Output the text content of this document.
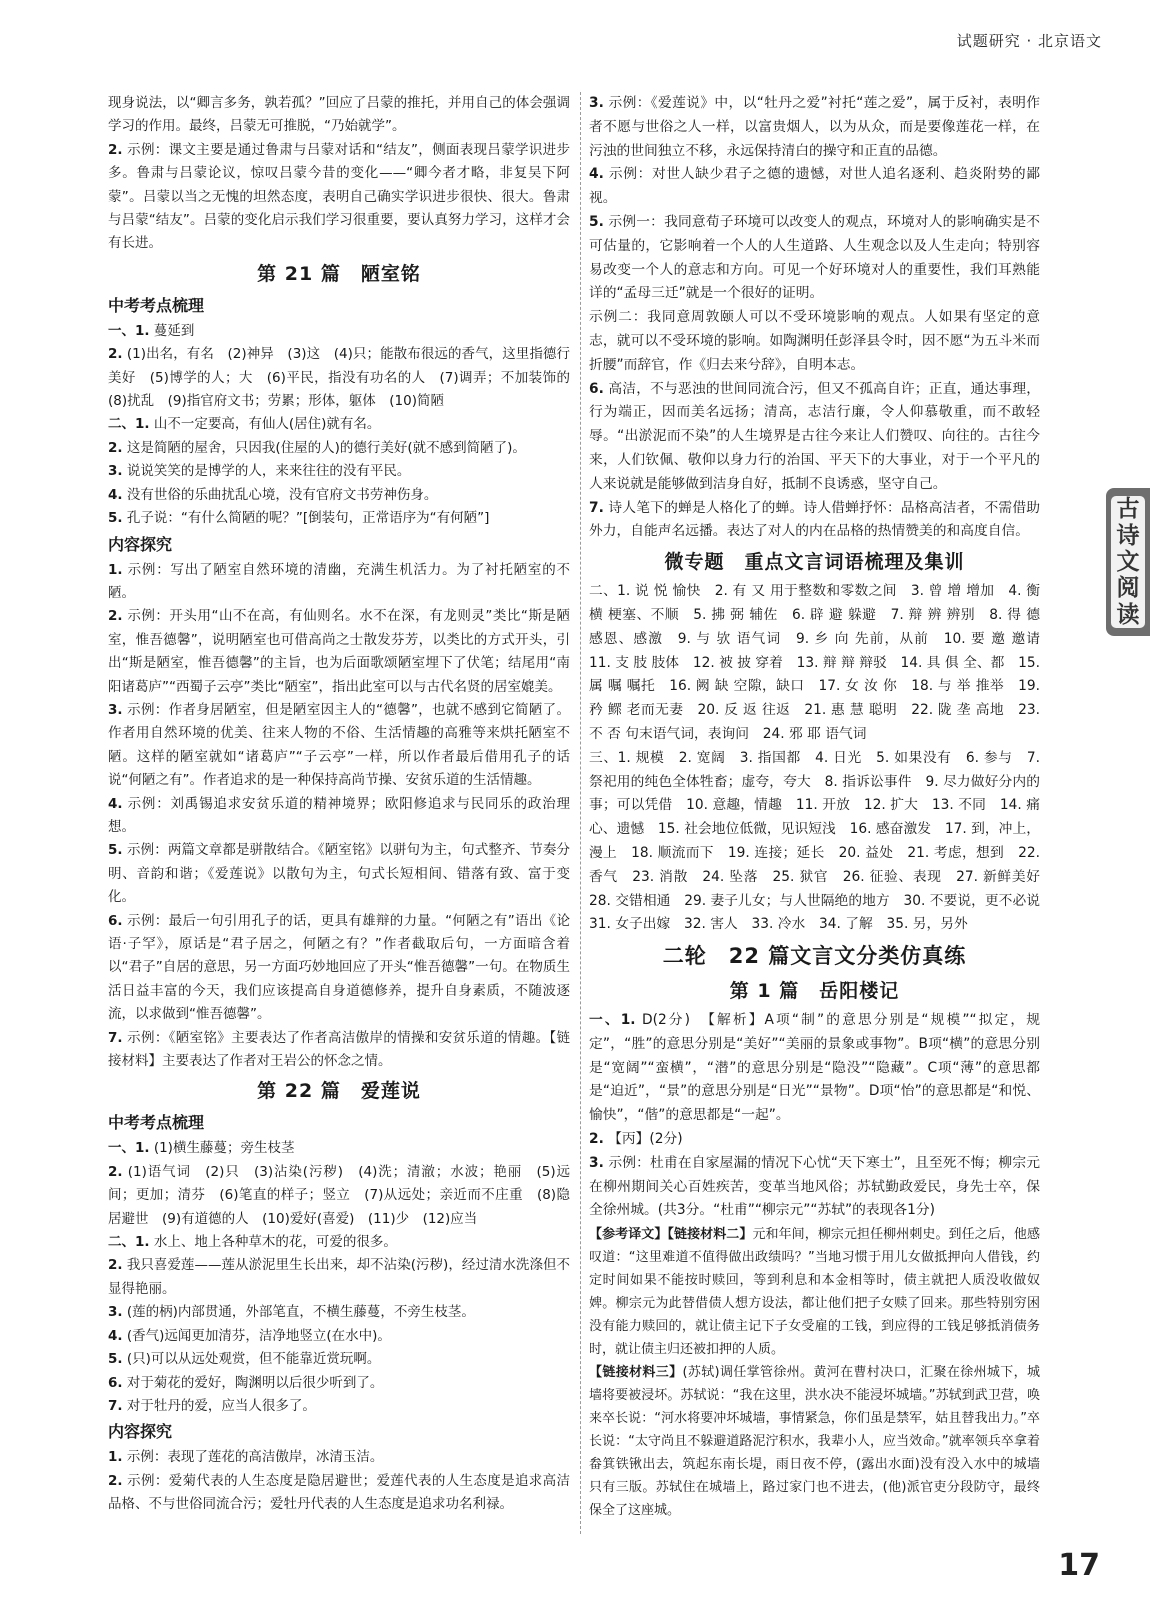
试题研究 · 北京语文

现身说法，以“卿言多务，孰若孤？”回应了吕蒙的推托，并用自己的体会强调学习的作用。最终，吕蒙无可推脱，“乃始就学”。

2. 示例：课文主要是通过鲁肃与吕蒙对话和“结友”，侧面表现吕蒙学识进步多。鲁肃与吕蒙论议，惊叹吕蒙今昔的变化——“卿今者才略，非复吴下阿蒙”。吕蒙以当之无愧的坦然态度，表明自己确实学识进步很快、很大。鲁肃与吕蒙“结友”。吕蒙的变化启示我们学习很重要，要认真努力学习，这样才会有长进。

第 21 篇　陋室铭
中考考点梳理

一、1. 蔓延到

2. (1)出名，有名　(2)神异　(3)这　(4)只；能散布很远的香气，这里指德行美好　(5)博学的人；大　(6)平民，指没有功名的人　(7)调弄；不加装饰的　(8)扰乱　(9)指官府文书；劳累；形体，躯体　(10)简陋

二、1. 山不一定要高，有仙人(居住)就有名。

2. 这是简陋的屋舍，只因我(住屋的人)的德行美好(就不感到简陋了)。

3. 说说笑笑的是博学的人，来来往往的没有平民。

4. 没有世俗的乐曲扰乱心境，没有官府文书劳神伤身。

5. 孔子说：“有什么简陋的呢？”[倒装句，正常语序为“有何陋”]

内容探究

1. 示例：写出了陋室自然环境的清幽，充满生机活力。为了衬托陋室的不陋。

2. 示例：开头用“山不在高，有仙则名。水不在深，有龙则灵”类比“斯是陋室，惟吾德馨”，说明陋室也可借高尚之士散发芬芳，以类比的方式开头，引出“斯是陋室，惟吾德馨”的主旨，也为后面歌颂陋室埋下了伏笔；结尾用“南阳诸葛庐”“西蜀子云亭”类比“陋室”，指出此室可以与古代名贤的居室媲美。

3. 示例：作者身居陋室，但是陋室因主人的“德馨”，也就不感到它简陋了。作者用自然环境的优美、往来人物的不俗、生活情趣的高雅等来烘托陋室不陋。这样的陋室就如“诸葛庐”“子云亭”一样，所以作者最后借用孔子的话说“何陋之有”。作者追求的是一种保持高尚节操、安贫乐道的生活情趣。

4. 示例：刘禹锡追求安贫乐道的精神境界；欧阳修追求与民同乐的政治理想。

5. 示例：两篇文章都是骈散结合。《陋室铭》以骈句为主，句式整齐、节奏分明、音韵和谐；《爱莲说》以散句为主，句式长短相间、错落有致、富于变化。

6. 示例：最后一句引用孔子的话，更具有雄辩的力量。“何陋之有”语出《论语·子罕》，原话是“君子居之，何陋之有？”作者截取后句，一方面暗含着以“君子”自居的意思，另一方面巧妙地回应了开头“惟吾德馨”一句。在物质生活日益丰富的今天，我们应该提高自身道德修养，提升自身素质，不随波逐流，以求做到“惟吾德馨”。

7. 示例：《陋室铭》主要表达了作者高洁傲岸的情操和安贫乐道的情趣。【链接材料】主要表达了作者对王岩公的怀念之情。

第 22 篇　爱莲说
中考考点梳理

一、1. (1)横生藤蔓；旁生枝茎

2. (1)语气词　(2)只　(3)沾染(污秽)　(4)洗；清澈；水波；艳丽　(5)远间；更加；清芬　(6)笔直的样子；竖立　(7)从远处；亲近而不庄重　(8)隐居避世　(9)有道德的人　(10)爱好(喜爱)　(11)少　(12)应当

二、1. 水上、地上各种草木的花，可爱的很多。

2. 我只喜爱莲——莲从淤泥里生长出来，却不沾染(污秽)，经过清水洗涤但不显得艳丽。

3. (莲的柄)内部贯通，外部笔直，不横生藤蔓，不旁生枝茎。

4. (香气)远闻更加清芬，洁净地竖立(在水中)。

5. (只)可以从远处观赏，但不能靠近赏玩啊。

6. 对于菊花的爱好，陶渊明以后很少听到了。

7. 对于牡丹的爱，应当人很多了。

内容探究

1. 示例：表现了莲花的高洁傲岸，冰清玉洁。

2. 示例：爱菊代表的人生态度是隐居避世；爱莲代表的人生态度是追求高洁品格、不与世俗同流合污；爱牡丹代表的人生态度是追求功名利禄。

3. 示例：《爱莲说》中，以“牡丹之爱”衬托“莲之爱”，属于反衬，表明作者不愿与世俗之人一样，以富贵烟人，以为从众，而是要像莲花一样，在污浊的世间独立不移，永远保持清白的操守和正直的品德。

4. 示例：对世人缺少君子之德的遗憾，对世人追名逐利、趋炎附势的鄙视。

5. 示例一：我同意荀子环境可以改变人的观点，环境对人的影响确实是不可估量的，它影响着一个人的人生道路、人生观念以及人生走向；特别容易改变一个人的意志和方向。可见一个好环境对人的重要性，我们耳熟能详的“孟母三迁”就是一个很好的证明。

示例二：我同意周敦颐人可以不受环境影响的观点。人如果有坚定的意志，就可以不受环境的影响。如陶渊明任彭泽县令时，因不愿“为五斗米而折腰”而辞官，作《归去来兮辞》，自明本志。

6. 高洁，不与恶浊的世间同流合污，但又不孤高自许；正直，通达事理，行为端正，因而美名远扬；清高，志洁行廉，令人仰慕敬重，而不敢轻辱。“出淤泥而不染”的人生境界是古往今来让人们赞叹、向往的。古往今来，人们钦佩、敬仰以身力行的治国、平天下的大事业，对于一个平凡的人来说就是能够做到洁身自好，抵制不良诱惑，坚守自己。

7. 诗人笔下的蝉是人格化了的蝉。诗人借蝉抒怀：品格高洁者，不需借助外力，自能声名远播。表达了对人的内在品格的热情赞美的和高度自信。

微专题　重点文言词语梳理及集训

二、1. 说 悦 愉快　2. 有 又 用于整数和零数之间　3. 曾 增 增加　4. 衡 横 梗塞、不顺　5. 拂 弼 辅佐　6. 辟 避 躲避　7. 辩 辨 辨别　8. 得 德 感恩、感激　9. 与 欤 语气词　9. 乡 向 先前，从前　10. 要 邀 邀请　11. 支 肢 肢体　12. 被 披 穿着　13. 辩 辩 辩驳　14. 具 俱 全、都　15. 属 嘱 嘱托　16. 阙 缺 空隙，缺口　17. 女 汝 你　18. 与 举 推举　19. 矜 鳏 老而无妻　20. 反 返 往返　21. 惠 慧 聪明　22. 陇 垄 高地　23. 不 否 句末语气词，表询问　24. 邪 耶 语气词

三、1. 规模　2. 宽阔　3. 指国都　4. 日光　5. 如果没有　6. 参与　7. 祭祀用的纯色全体牲畜；虚夸，夸大　8. 指诉讼事件　9. 尽力做好分内的事；可以凭借　10. 意趣，情趣　11. 开放　12. 扩大　13. 不同　14. 痛心、遗憾　15. 社会地位低微，见识短浅　16. 感奋激发　17. 到，冲上，漫上　18. 顺流而下　19. 连接；延长　20. 益处　21. 考虑，想到　22. 香气　23. 消散　24. 坠落　25. 狱官　26. 征验、表现　27. 新鲜美好　28. 交错相通　29. 妻子儿女；与人世隔绝的地方　30. 不要说，更不必说　31. 女子出嫁　32. 害人　33. 冷水　34. 了解　35. 另，另外

二轮　22 篇文言文分类仿真练
第 1 篇　岳阳楼记

一、1. D(2分)　【解析】A项“制”的意思分别是“规模”“拟定，规定”，“胜”的意思分别是“美好”“美丽的景象或事物”。B项“横”的意思分别是“宽阔”“蛮横”，“潜”的意思分别是“隐没”“隐藏”。C项“薄”的意思都是“迫近”，“景”的意思分别是“日光”“景物”。D项“怡”的意思都是“和悦、愉快”，“偕”的意思都是“一起”。

2. 【丙】(2分)

3. 示例：杜甫在自家屋漏的情况下心忧“天下寒士”，且至死不悔；柳宗元在柳州期间关心百姓疾苦，变革当地风俗；苏轼勤政爱民，身先士卒，保全徐州城。(共3分。“杜甫”“柳宗元”“苏轼”的表现各1分)

【参考译文】【链接材料二】元和年间，柳宗元担任柳州刺史。到任之后，他感叹道：“这里难道不值得做出政绩吗？”当地习惯于用儿女做抵押向人借钱，约定时间如果不能按时赎回，等到利息和本金相等时，债主就把人质没收做奴婢。柳宗元为此替借债人想方设法，都让他们把子女赎了回来。那些特别穷困没有能力赎回的，就让债主记下子女受雇的工钱，到应得的工钱足够抵消债务时，就让债主归还被扣押的人质。

【链接材料三】(苏轼)调任掌管徐州。黄河在曹村决口，汇聚在徐州城下，城墙将要被浸坏。苏轼说：“我在这里，洪水决不能浸坏城墙。”苏轼到武卫营，唤来卒长说：“河水将要冲坏城墙，事情紧急，你们虽是禁军，姑且替我出力。”卒长说：“太守尚且不躲避道路泥泞积水，我辈小人，应当效命。”就率领兵卒拿着畚箕铁锹出去，筑起东南长堤，雨日夜不停，(露出水面)没有没入水中的城墙只有三版。苏轼住在城墙上，路过家门也不进去，(他)派官吏分段防守，最终保全了这座城。

古
诗
文
阅
读
17
